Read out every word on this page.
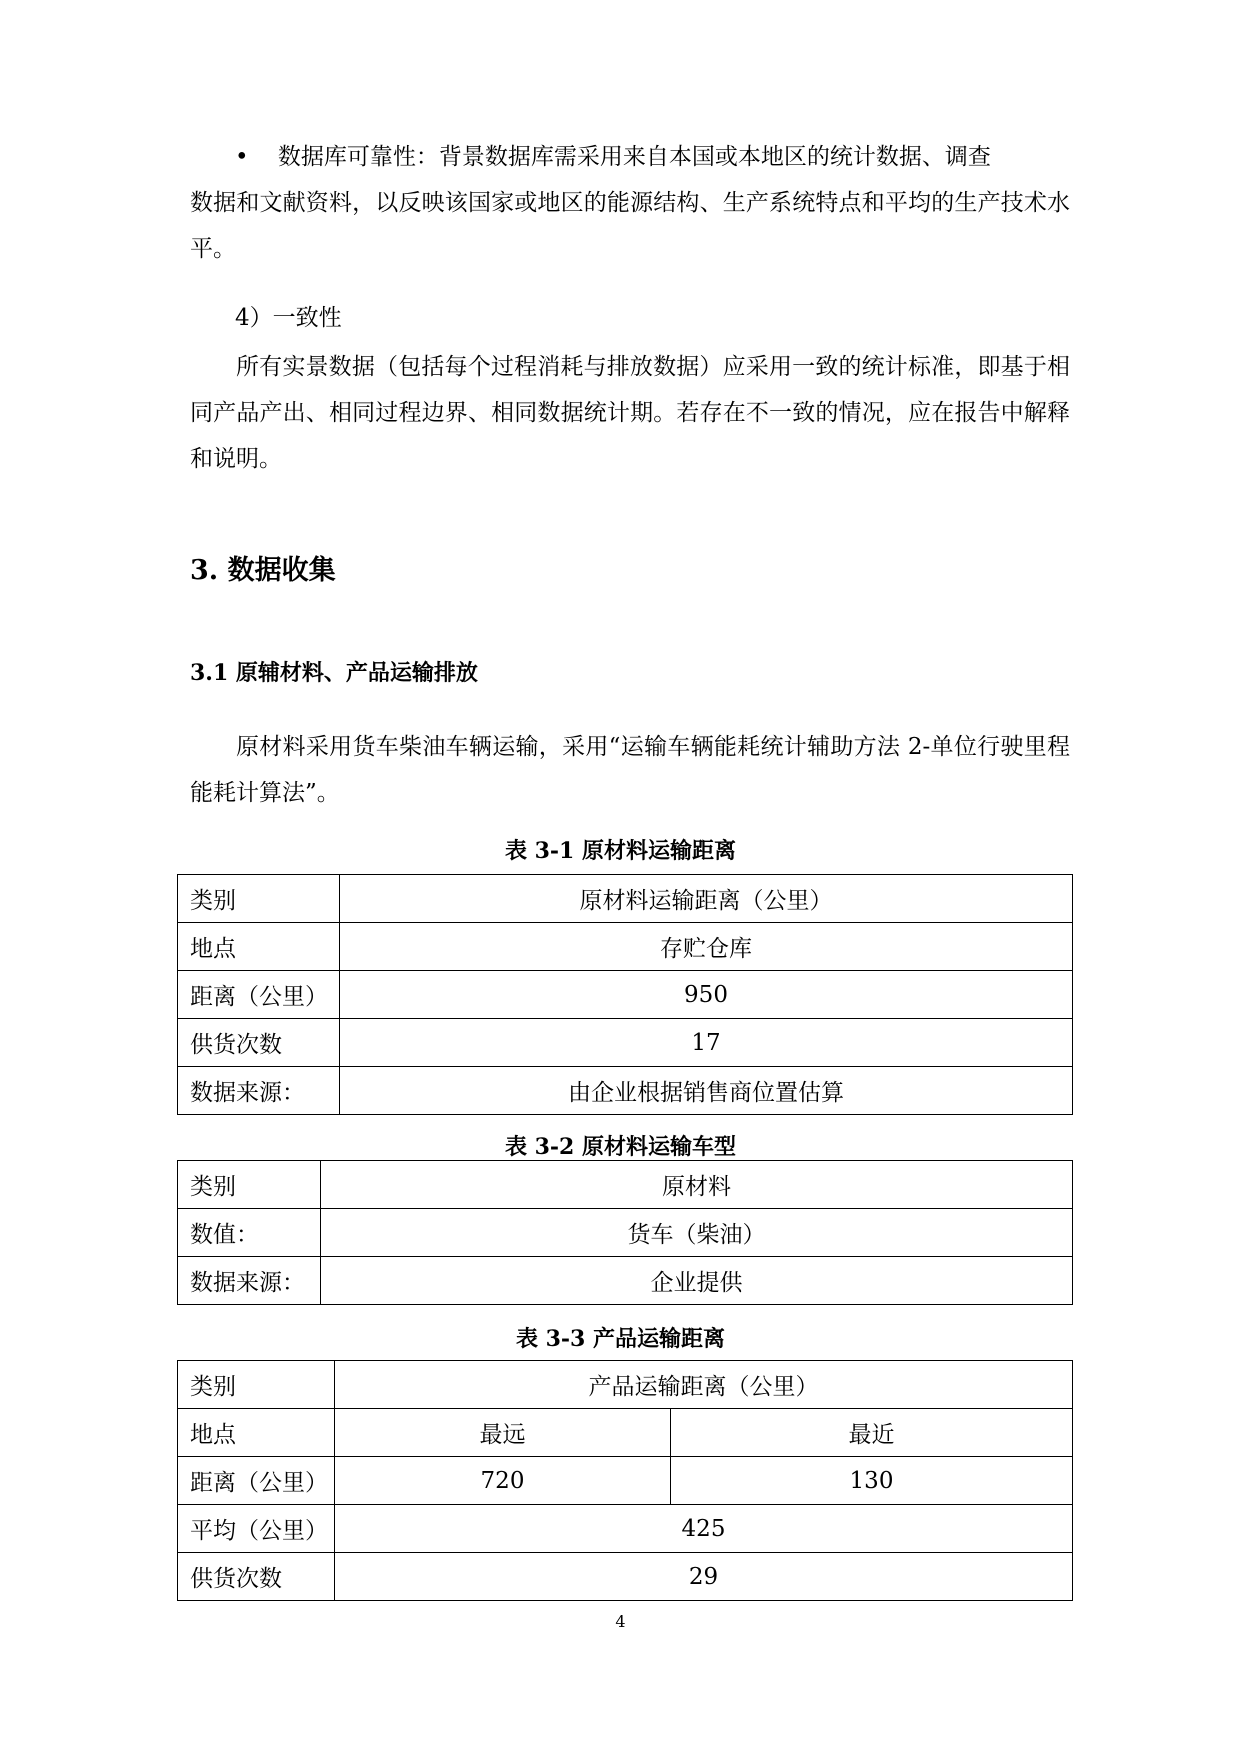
• 数据库可靠性：背景数据库需采用来自本国或本地区的统计数据、调查

数据和文献资料，以反映该国家或地区的能源结构、生产系统特点和平均的生产技术水平。

4）一致性

所有实景数据（包括每个过程消耗与排放数据）应采用一致的统计标准，即基于相同产品产出、相同过程边界、相同数据统计期。若存在不一致的情况，应在报告中解释和说明。

3. 数据收集
3.1 原辅材料、产品运输排放

原材料采用货车柴油车辆运输，采用“运输车辆能耗统计辅助方法 2-单位行驶里程能耗计算法”。

表 3-1 原材料运输距离

类别	原材料运输距离（公里）
地点	存贮仓库
距离（公里）	950
供货次数	17
数据来源：	由企业根据销售商位置估算

表 3-2 原材料运输车型

类别	原材料
数值：	货车（柴油）
数据来源：	企业提供

表 3-3 产品运输距离

类别	产品运输距离（公里）	
地点	最远	最近
距离（公里）	720	130
平均（公里）	425	
供货次数	29	
4
